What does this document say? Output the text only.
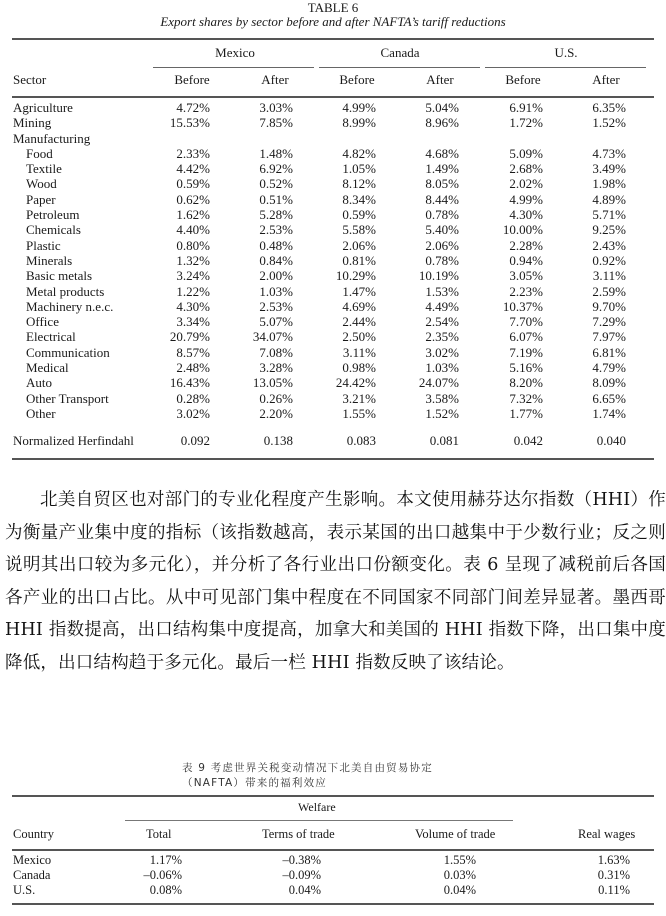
TABLE 6
Export shares by sector before and after NAFTA’s tariff reductions
Mexico	Canada	U.S.
Sector	Before	After	Before	After	Before	After
Agriculture	4.72%	3.03%	4.99%	5.04%	6.91%	6.35%
Mining	15.53%	7.85%	8.99%	8.96%	1.72%	1.52%
Manufacturing
Food	2.33%	1.48%	4.82%	4.68%	5.09%	4.73%
Textile	4.42%	6.92%	1.05%	1.49%	2.68%	3.49%
Wood	0.59%	0.52%	8.12%	8.05%	2.02%	1.98%
Paper	0.62%	0.51%	8.34%	8.44%	4.99%	4.89%
Petroleum	1.62%	5.28%	0.59%	0.78%	4.30%	5.71%
Chemicals	4.40%	2.53%	5.58%	5.40%	10.00%	9.25%
Plastic	0.80%	0.48%	2.06%	2.06%	2.28%	2.43%
Minerals	1.32%	0.84%	0.81%	0.78%	0.94%	0.92%
Basic metals	3.24%	2.00%	10.29%	10.19%	3.05%	3.11%
Metal products	1.22%	1.03%	1.47%	1.53%	2.23%	2.59%
Machinery n.e.c.	4.30%	2.53%	4.69%	4.49%	10.37%	9.70%
Office	3.34%	5.07%	2.44%	2.54%	7.70%	7.29%
Electrical	20.79%	34.07%	2.50%	2.35%	6.07%	7.97%
Communication	8.57%	7.08%	3.11%	3.02%	7.19%	6.81%
Medical	2.48%	3.28%	0.98%	1.03%	5.16%	4.79%
Auto	16.43%	13.05%	24.42%	24.07%	8.20%	8.09%
Other Transport	0.28%	0.26%	3.21%	3.58%	7.32%	6.65%
Other	3.02%	2.20%	1.55%	1.52%	1.77%	1.74%
Normalized Herfindahl	0.092	0.138	0.083	0.081	0.042	0.040

北美自贸区也对部门的专业化程度产生影响。本文使用赫芬达尔指数（HHI）作为衡量产业集中度的指标（该指数越高，表示某国的出口越集中于少数行业；反之则说明其出口较为多元化），并分析了各行业出口份额变化。表 6 呈现了减税前后各国各产业的出口占比。从中可见部门集中程度在不同国家不同部门间差异显著。墨西哥 HHI 指数提高，出口结构集中度提高，加拿大和美国的 HHI 指数下降，出口集中度降低，出口结构趋于多元化。最后一栏 HHI 指数反映了该结论。

表 9 考虑世界关税变动情况下北美自由贸易协定
（NAFTA）带来的福利效应
Welfare
Country	Total	Terms of trade	Volume of trade	Real wages
Mexico	1.17%	–0.38%	1.55%	1.63%
Canada	–0.06%	–0.09%	0.03%	0.31%
U.S.	0.08%	0.04%	0.04%	0.11%
